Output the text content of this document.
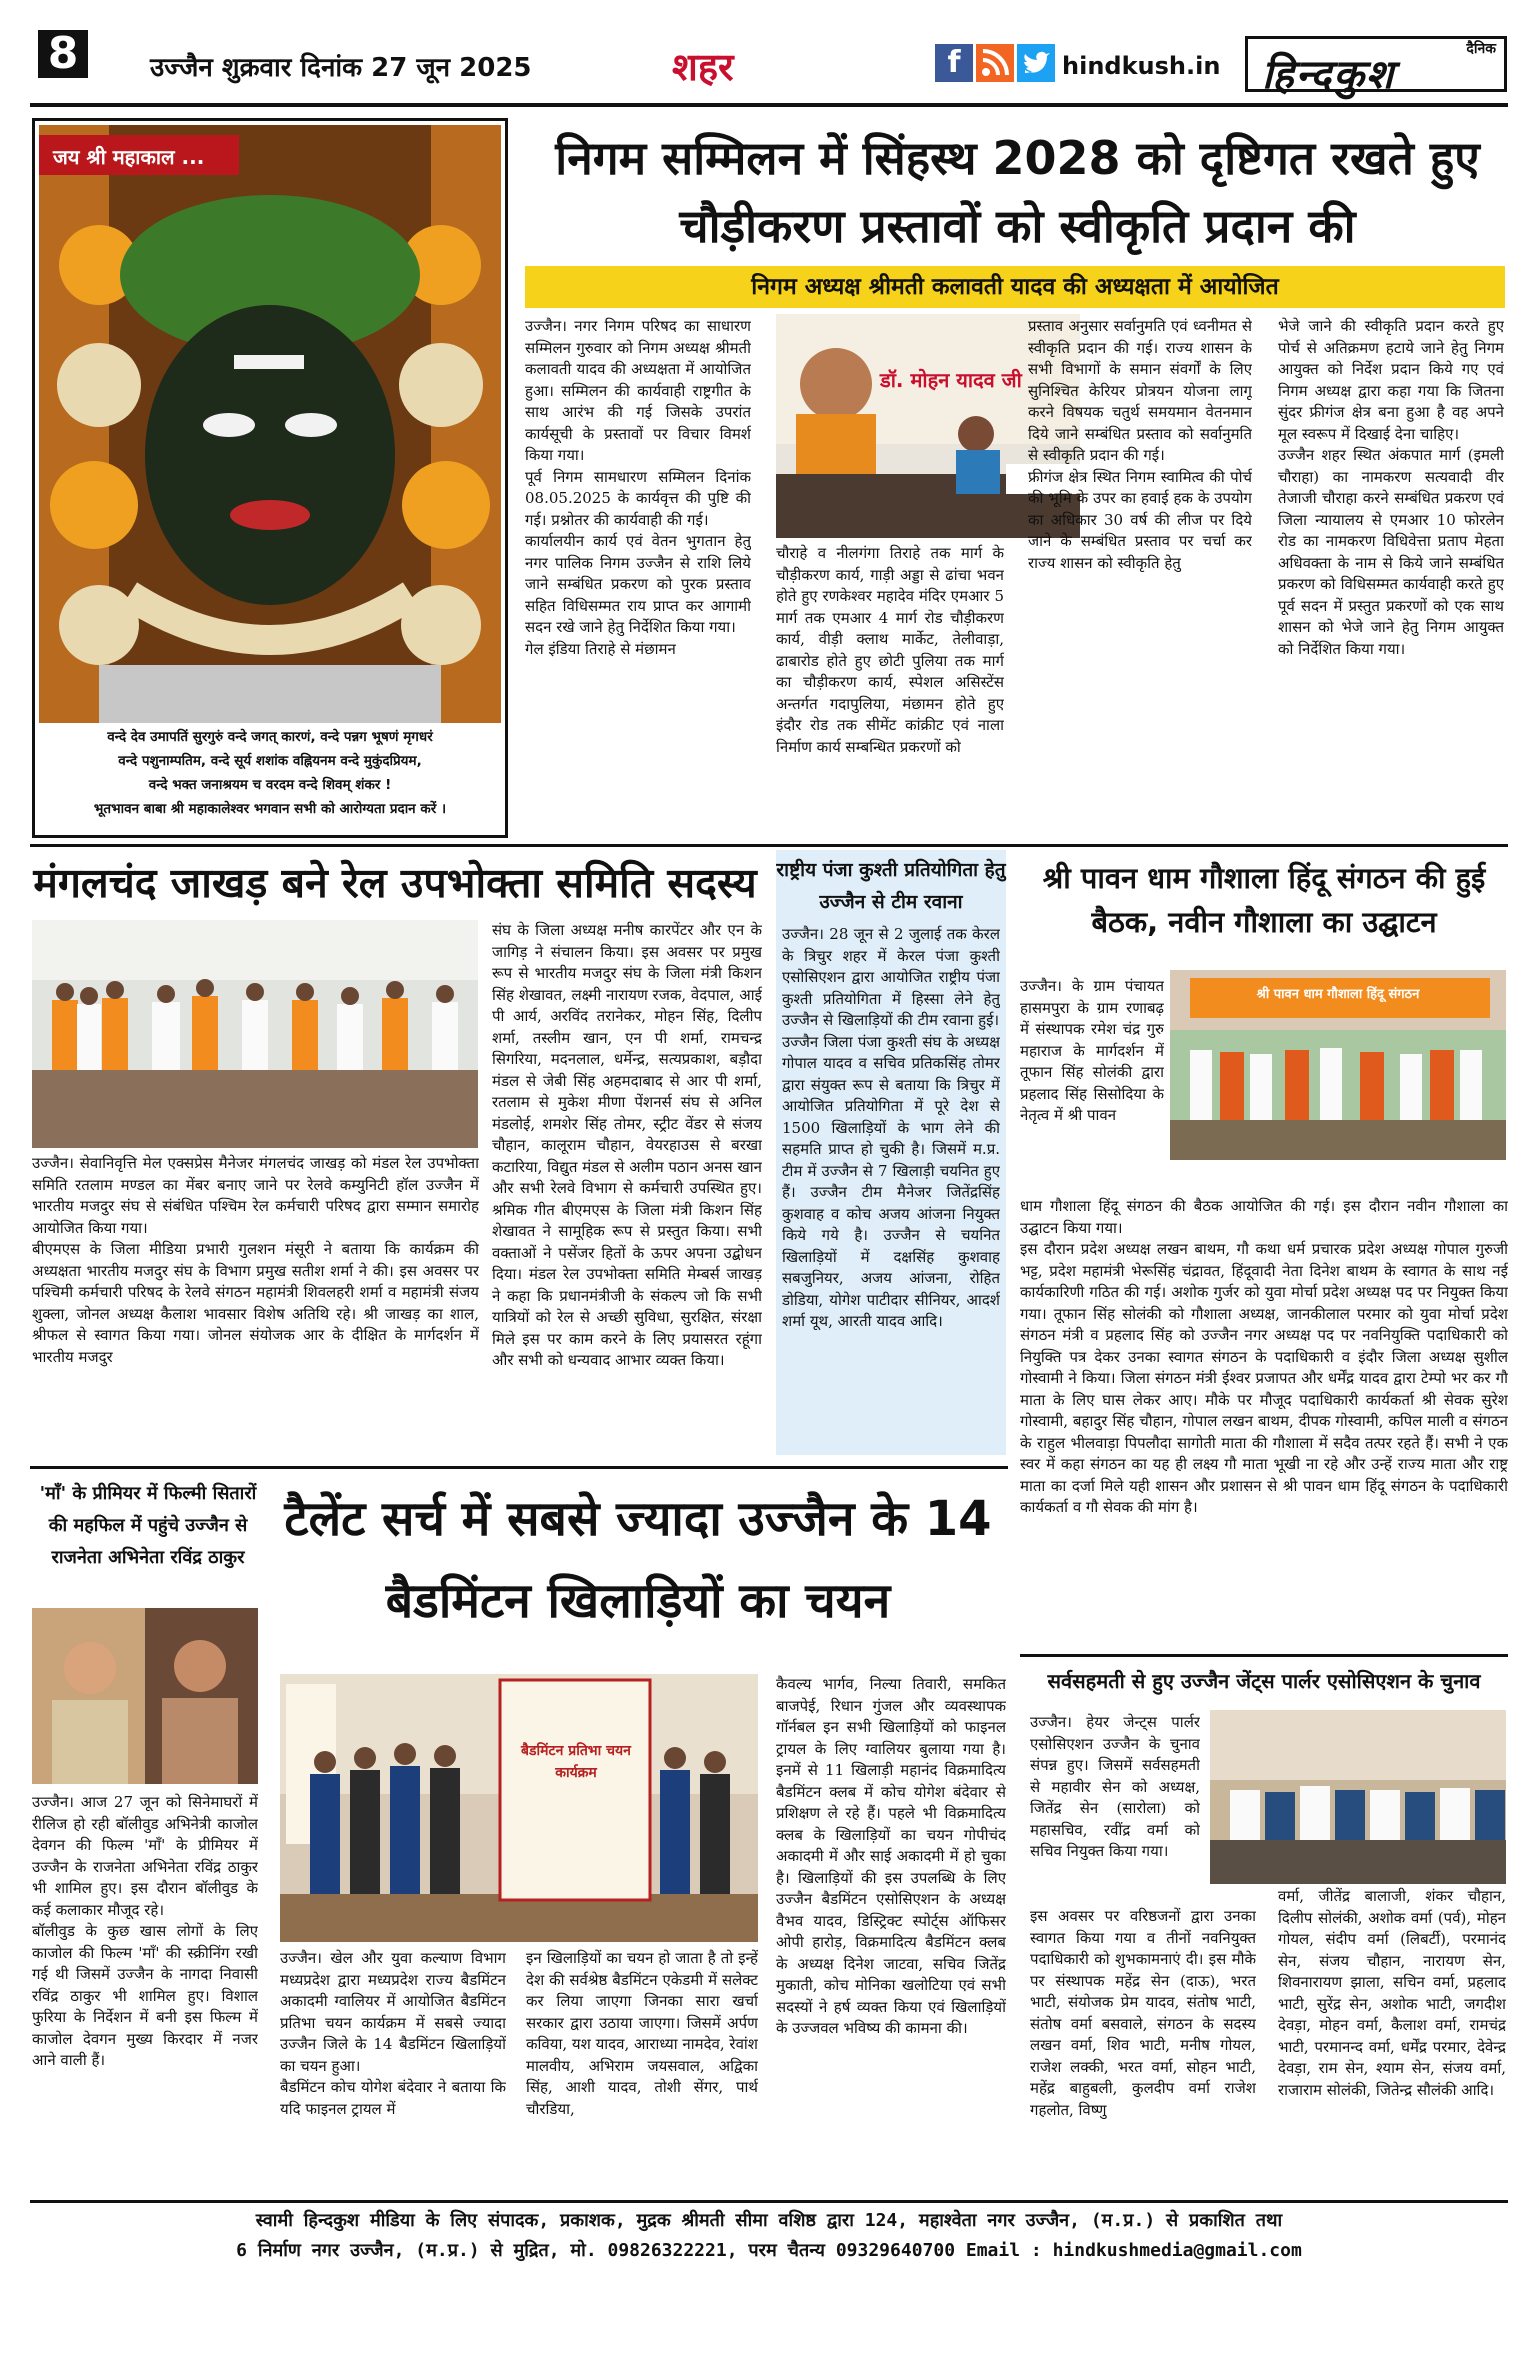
8	उज्जैन शुक्रवार दिनांक 27 जून 2025	शहर	f	hindkush.in
दैनिक
हिन्दकुश
जय श्री महाकाल ...
वन्दे देव उमापतिं सुरगुरुं वन्दे जगत् कारणं, वन्दे पन्नग भूषणं मृगधरं
वन्दे पशुनाम्पतिम, वन्दे सूर्य शशांक वह्नियनम वन्दे मुकुंदप्रियम,
वन्दे भक्त जनाश्रयम च वरदम वन्दे शिवम् शंकर !
भूतभावन बाबा श्री महाकालेश्वर भगवान सभी को आरोग्यता प्रदान करें ।
निगम सम्मिलन में सिंहस्थ 2028 को दृष्टिगत रखते हुए चौड़ीकरण प्रस्तावों को स्वीकृति प्रदान की
निगम अध्यक्ष श्रीमती कलावती यादव की अध्यक्षता में आयोजित
उज्जैन। नगर निगम परिषद का साधारण सम्मिलन गुरुवार को निगम अध्यक्ष श्रीमती कलावती यादव की अध्यक्षता में आयोजित हुआ। सम्मिलन की कार्यवाही राष्ट्रगीत के साथ आरंभ की गई जिसके उपरांत कार्यसूची के प्रस्तावों पर विचार विमर्श किया गया।
पूर्व निगम सामधारण सम्मिलन दिनांक 08.05.2025 के कार्यवृत्त की पुष्टि की गई। प्रश्नोतर की कार्यवाही की गई।
कार्यालयीन कार्य एवं वेतन भुगतान हेतु नगर पालिक निगम उज्जैन से राशि लिये जाने सम्बंधित प्रकरण को पुरक प्रस्ताव सहित विधिसम्मत राय प्राप्त कर आगामी सदन रखे जाने हेतु निर्देशित किया गया।
गेल इंडिया तिराहे से मंछामन
डॉ. मोहन यादव जी
चौराहे व नीलगंगा तिराहे तक मार्ग के चौड़ीकरण कार्य, गाड़ी अड्डा से ढांचा भवन होते हुए रणकेश्वर महादेव मंदिर एमआर 5 मार्ग तक एमआर 4 मार्ग रोड चौड़ीकरण कार्य, वीड़ी क्लाथ मार्केट, तेलीवाड़ा, ढाबारोड होते हुए छोटी पुलिया तक मार्ग का चौड़ीकरण कार्य, स्पेशल असिस्टेंस अन्तर्गत गदापुलिया, मंछामन होते हुए इंदौर रोड तक सीमेंट कांक्रीट एवं नाला निर्माण कार्य सम्बन्धित प्रकरणों को
प्रस्ताव अनुसार सर्वानुमति एवं ध्वनीमत से स्वीकृति प्रदान की गई। राज्य शासन के सभी विभागों के समान संवर्गों के लिए सुनिश्चित केरियर प्रोत्रयन योजना लागू करने विषयक चतुर्थ समयमान वेतनमान दिये जाने सम्बंधित प्रस्ताव को सर्वानुमति से स्वीकृति प्रदान की गई।
फ्रीगंज क्षेत्र स्थित निगम स्वामित्व की पोर्च की भूमि के उपर का हवाई हक के उपयोग का अधिकार 30 वर्ष की लीज पर दिये जाने के सम्बंधित प्रस्ताव पर चर्चा कर राज्य शासन को स्वीकृति हेतु
भेजे जाने की स्वीकृति प्रदान करते हुए पोर्च से अतिक्रमण हटाये जाने हेतु निगम आयुक्त को निर्देश प्रदान किये गए एवं निगम अध्यक्ष द्वारा कहा गया कि जितना सुंदर फ्रीगंज क्षेत्र बना हुआ है वह अपने मूल स्वरूप में दिखाई देना चाहिए।
उज्जैन शहर स्थित अंकपात मार्ग (इमली चौराहा) का नामकरण सत्यवादी वीर तेजाजी चौराहा करने सम्बंधित प्रकरण एवं जिला न्यायालय से एमआर 10 फोरलेन रोड का नामकरण विधिवेत्ता प्रताप मेहता अधिवक्ता के नाम से किये जाने सम्बंधित प्रकरण को विधिसम्मत कार्यवाही करते हुए पूर्व सदन में प्रस्तुत प्रकरणों को एक साथ शासन को भेजे जाने हेतु निगम आयुक्त को निर्देशित किया गया।
मंगलचंद जाखड़ बने रेल उपभोक्ता समिति सदस्य
उज्जैन। सेवानिवृत्ति मेल एक्सप्रेस मैनेजर मंगलचंद जाखड़ को मंडल रेल उपभोक्ता समिति रतलाम मण्डल का मेंबर बनाए जाने पर रेलवे कम्युनिटी हॉल उज्जैन में भारतीय मजदुर संघ से संबंधित पश्चिम रेल कर्मचारी परिषद द्वारा सम्मान समारोह आयोजित किया गया।
बीएमएस के जिला मीडिया प्रभारी गुलशन मंसूरी ने बताया कि कार्यक्रम की अध्यक्षता भारतीय मजदुर संघ के विभाग प्रमुख सतीश शर्मा ने की। इस अवसर पर पश्चिमी कर्मचारी परिषद के रेलवे संगठन महामंत्री शिवलहरी शर्मा व महामंत्री संजय शुक्ला, जोनल अध्यक्ष कैलाश भावसार विशेष अतिथि रहे। श्री जाखड़ का शाल, श्रीफल से स्वागत किया गया। जोनल संयोजक आर के दीक्षित के मार्गदर्शन में भारतीय मजदुर
संघ के जिला अध्यक्ष मनीष कारपेंटर और एन के जागिड़ ने संचालन किया। इस अवसर पर प्रमुख रूप से भारतीय मजदुर संघ के जिला मंत्री किशन सिंह शेखावत, लक्ष्मी नारायण रजक, वेदपाल, आई पी आर्य, अरविंद तरानेकर, मोहन सिंह, दिलीप शर्मा, तस्लीम खान, एन पी शर्मा, रामचन्द्र सिगरिया, मदनलाल, धर्मेन्द्र, सत्यप्रकाश, बड़ौदा मंडल से जेबी सिंह अहमदाबाद से आर पी शर्मा, रतलाम से मुकेश मीणा पेंशनर्स संघ से अनिल मंडलोई, शमशेर सिंह तोमर, स्ट्रीट वेंडर से संजय चौहान, कालूराम चौहान, वेयरहाउस से बरखा कटारिया, विद्युत मंडल से अलीम पठान अनस खान और सभी रेलवे विभाग से कर्मचारी उपस्थित हुए। श्रमिक गीत बीएमएस के जिला मंत्री किशन सिंह शेखावत ने सामूहिक रूप से प्रस्तुत किया। सभी वक्ताओं ने पसेंजर हितों के ऊपर अपना उद्बोधन दिया। मंडल रेल उपभोक्ता समिति मेम्बर्स जाखड़ ने कहा कि प्रधानमंत्रीजी के संकल्प जो कि सभी यात्रियों को रेल से अच्छी सुविधा, सुरक्षित, संरक्षा मिले इस पर काम करने के लिए प्रयासरत रहूंगा और सभी को धन्यवाद आभार व्यक्त किया।
राष्ट्रीय पंजा कुश्ती प्रतियोगिता हेतु उज्जैन से टीम रवाना
उज्जैन। 28 जून से 2 जुलाई तक केरल के त्रिचुर शहर में केरल पंजा कुश्ती एसोसिएशन द्वारा आयोजित राष्ट्रीय पंजा कुश्ती प्रतियोगिता में हिस्सा लेने हेतु उज्जैन से खिलाड़ियों की टीम रवाना हुई।
उज्जैन जिला पंजा कुश्ती संघ के अध्यक्ष गोपाल यादव व सचिव प्रतिकसिंह तोमर द्वारा संयुक्त रूप से बताया कि त्रिचुर में आयोजित प्रतियोगिता में पूरे देश से 1500 खिलाड़ियों के भाग लेने की सहमति प्राप्त हो चुकी है। जिसमें म.प्र. टीम में उज्जैन से 7 खिलाड़ी चयनित हुए हैं। उज्जैन टीम मैनेजर जितेंद्रसिंह कुशवाह व कोच अजय आंजना नियुक्त किये गये है। उज्जैन से चयनित खिलाड़ियों में दक्षसिंह कुशवाह सबजुनियर, अजय आंजना, रोहित डोडिया, योगेश पाटीदार सीनियर, आदर्श शर्मा यूथ, आरती यादव आदि।
श्री पावन धाम गौशाला हिंदू संगठन की हुई बैठक, नवीन गौशाला का उद्घाटन
उज्जैन। के ग्राम पंचायत हासमपुरा के ग्राम रणाबढ़ में संस्थापक रमेश चंद्र गुरु महाराज के मार्गदर्शन में तूफान सिंह सोलंकी द्वारा प्रहलाद सिंह सिसोदिया के नेतृत्व में श्री पावन
श्री पावन धाम गौशाला हिंदू संगठन
धाम गौशाला हिंदू संगठन की बैठक आयोजित की गई। इस दौरान नवीन गौशाला का उद्घाटन किया गया।
इस दौरान प्रदेश अध्यक्ष लखन बाथम, गौ कथा धर्म प्रचारक प्रदेश अध्यक्ष गोपाल गुरुजी भट्ट, प्रदेश महामंत्री भेरूसिंह चंद्रावत, हिंदूवादी नेता दिनेश बाथम के स्वागत के साथ नई कार्यकारिणी गठित की गई। अशोक गुर्जर को युवा मोर्चा प्रदेश अध्यक्ष पद पर नियुक्त किया गया। तूफान सिंह सोलंकी को गौशाला अध्यक्ष, जानकीलाल परमार को युवा मोर्चा प्रदेश संगठन मंत्री व प्रहलाद सिंह को उज्जैन नगर अध्यक्ष पद पर नवनियुक्ति पदाधिकारी को नियुक्ति पत्र देकर उनका स्वागत संगठन के पदाधिकारी व इंदौर जिला अध्यक्ष सुशील गोस्वामी ने किया। जिला संगठन मंत्री ईश्वर प्रजापत और धर्मेंद्र यादव द्वारा टेम्पो भर कर गौ माता के लिए घास लेकर आए। मौके पर मौजूद पदाधिकारी कार्यकर्ता श्री सेवक सुरेश गोस्वामी, बहादुर सिंह चौहान, गोपाल लखन बाथम, दीपक गोस्वामी, कपिल माली व संगठन के राहुल भीलवाड़ा पिपलौदा सागोती माता की गौशाला में सदैव तत्पर रहते हैं। सभी ने एक स्वर में कहा संगठन का यह ही लक्ष्य गौ माता भूखी ना रहे और उन्हें राज्य माता और राष्ट्र माता का दर्जा मिले यही शासन और प्रशासन से श्री पावन धाम हिंदू संगठन के पदाधिकारी कार्यकर्ता व गौ सेवक की मांग है।
'माँ' के प्रीमियर में फिल्मी सितारों की महफिल में पहुंचे उज्जैन से राजनेता अभिनेता रविंद्र ठाकुर
उज्जैन। आज 27 जून को सिनेमाघरों में रीलिज हो रही बॉलीवुड अभिनेत्री काजोल देवगन की फिल्म 'माँ' के प्रीमियर में उज्जैन के राजनेता अभिनेता रविंद्र ठाकुर भी शामिल हुए। इस दौरान बॉलीवुड के कई कलाकार मौजूद रहे।
बॉलीवुड के कुछ खास लोगों के लिए काजोल की फिल्म 'माँ' की स्क्रीनिंग रखी गई थी जिसमें उज्जैन के नागदा निवासी रविंद्र ठाकुर भी शामिल हुए। विशाल फुरिया के निर्देशन में बनी इस फिल्म में काजोल देवगन मुख्य किरदार में नजर आने वाली हैं।
टैलेंट सर्च में सबसे ज्यादा उज्जैन के 14 बैडमिंटन खिलाड़ियों का चयन
बैडमिंटन प्रतिभा चयन कार्यक्रम
उज्जैन। खेल और युवा कल्याण विभाग मध्यप्रदेश द्वारा मध्यप्रदेश राज्य बैडमिंटन अकादमी ग्वालियर में आयोजित बैडमिंटन प्रतिभा चयन कार्यक्रम में सबसे ज्यादा उज्जैन जिले के 14 बैडमिंटन खिलाड़ियों का चयन हुआ।
बैडमिंटन कोच योगेश बंदेवार ने बताया कि यदि फाइनल ट्रायल में
इन खिलाड़ियों का चयन हो जाता है तो इन्हें देश की सर्वश्रेष्ठ बैडमिंटन एकेडमी में सलेक्ट कर लिया जाएगा जिनका सारा खर्चा सरकार द्वारा उठाया जाएगा। जिसमें अर्पण कविया, यश यादव, आराध्या नामदेव, रेवांश मालवीय, अभिराम जयसवाल, अद्विका सिंह, आशी यादव, तोशी सेंगर, पार्थ चौरडिया,
कैवल्य भार्गव, निल्या तिवारी, समकित बाजपेई, रिधान गुंजल और व्यवस्थापक गॉर्नबल इन सभी खिलाड़ियों को फाइनल ट्रायल के लिए ग्वालियर बुलाया गया है। इनमें से 11 खिलाड़ी महानंद विक्रमादित्य बैडमिंटन क्लब में कोच योगेश बंदेवार से प्रशिक्षण ले रहे हैं। पहले भी विक्रमादित्य क्लब के खिलाड़ियों का चयन गोपीचंद अकादमी में और साई अकादमी में हो चुका है। खिलाड़ियों की इस उपलब्धि के लिए उज्जैन बैडमिंटन एसोसिएशन के अध्यक्ष वैभव यादव, डिस्ट्रिक्ट स्पोर्ट्स ऑफिसर ओपी हारोड़, विक्रमादित्य बैडमिंटन क्लब के अध्यक्ष दिनेश जाटवा, सचिव जितेंद्र मुकाती, कोच मोनिका खलोटिया एवं सभी सदस्यों ने हर्ष व्यक्त किया एवं खिलाड़ियों के उज्जवल भविष्य की कामना की।
सर्वसहमती से हुए उज्जैन जेंट्स पार्लर एसोसिएशन के चुनाव
उज्जैन। हेयर जेन्ट्स पार्लर एसोसिएशन उज्जैन के चुनाव संपन्न हुए। जिसमें सर्वसहमती से महावीर सेन को अध्यक्ष, जितेंद्र सेन (सारोला) को महासचिव, रवींद्र वर्मा को सचिव नियुक्त किया गया।
इस अवसर पर वरिष्ठजनों द्वारा उनका स्वागत किया गया व तीनों नवनियुक्त पदाधिकारी को शुभकामनाएं दी। इस मौके पर संस्थापक महेंद्र सेन (दाऊ), भरत भाटी, संयोजक प्रेम यादव, संतोष भाटी, संतोष वर्मा बसवाले, संगठन के सदस्य लखन वर्मा, शिव भाटी, मनीष गोयल, राजेश लक्की, भरत वर्मा, सोहन भाटी, महेंद्र बाहुबली, कुलदीप वर्मा राजेश गहलोत, विष्णु
वर्मा, जीतेंद्र बालाजी, शंकर चौहान, दिलीप सोलंकी, अशोक वर्मा (पर्व), मोहन गोयल, संदीप वर्मा (लिबर्टी), परमानंद सेन, संजय चौहान, नारायण सेन, शिवनारायण झाला, सचिन वर्मा, प्रहलाद भाटी, सुरेंद्र सेन, अशोक भाटी, जगदीश देवड़ा, मोहन वर्मा, कैलाश वर्मा, रामचंद्र भाटी, परमानन्द वर्मा, धर्मेंद्र परमार, देवेन्द्र देवड़ा, राम सेन, श्याम सेन, संजय वर्मा, राजाराम सोलंकी, जितेन्द्र सौलंकी आदि।
स्वामी हिन्दकुश मीडिया के लिए संपादक, प्रकाशक, मुद्रक श्रीमती सीमा वशिष्ठ द्वारा 124, महाश्वेता नगर उज्जैन, (म.प्र.) से प्रकाशित तथा
6 निर्माण नगर उज्जैन, (म.प्र.) से मुद्रित, मो. 09826322221, परम चैतन्य 09329640700 Email : hindkushmedia@gmail.com
